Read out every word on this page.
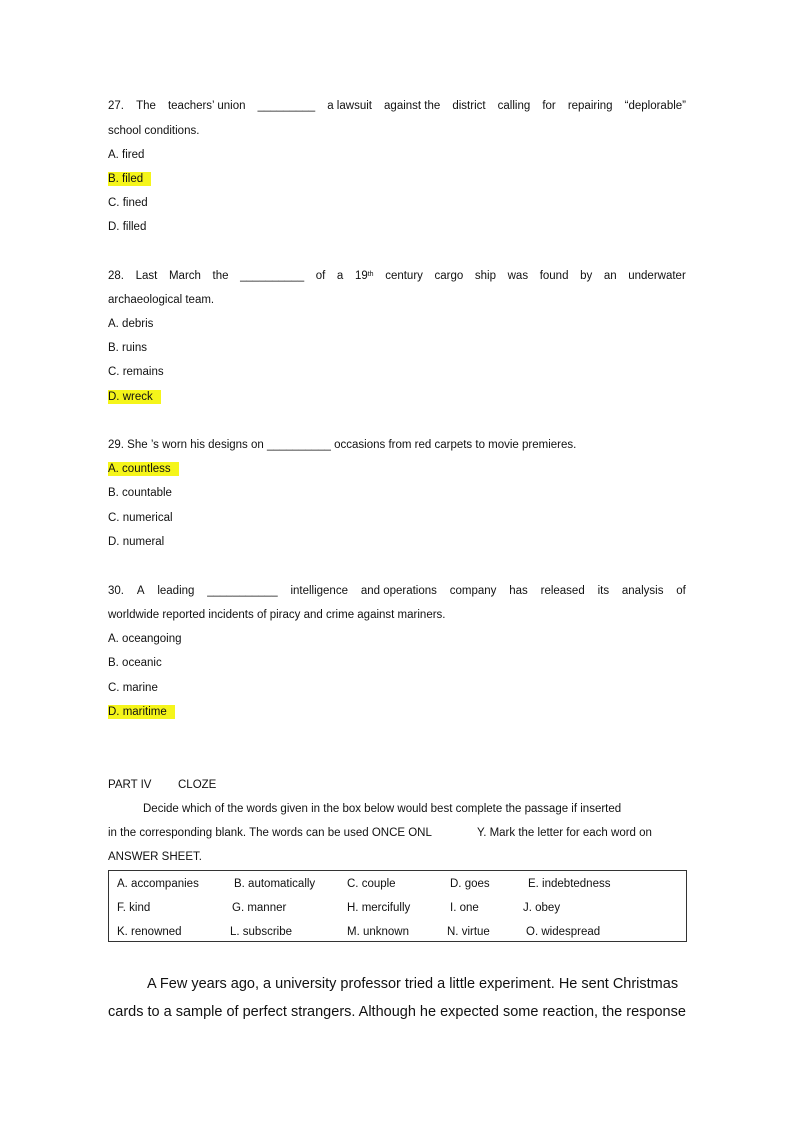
27. The teachers’ union _________ a lawsuit against the district calling for repairing “deplorable”
school conditions.
A. fired
B. filed
C. fined
D. filled
28. Last March the __________ of a 19th century cargo ship was found by an underwater
archaeological team.
A. debris
B. ruins
C. remains
D. wreck
29. She ’s worn his designs on __________ occasions from red carpets to movie premieres.
A. countless
B. countable
C. numerical
D. numeral
30. A leading ___________ intelligence and operations company has released its analysis of
worldwide reported incidents of piracy and crime against mariners.
A. oceangoing
B. oceanic
C. marine
D. maritime
PART IV CLOZE
Decide which of the words given in the box below would best complete the passage if inserted
in the corresponding blank. The words can be used ONCE ONL	Y. Mark the letter for each word on
ANSWER SHEET.
A. accompanies	B. automatically	C. couple	D. goes	E. indebtedness
F. kind	G. manner	H. mercifully	I. one	J. obey
K. renowned	L. subscribe	M. unknown	N. virtue	O. widespread
A Few years ago, a university professor tried a little experiment. He sent Christmas
cards to a sample of perfect strangers. Although he expected some reaction, the response
